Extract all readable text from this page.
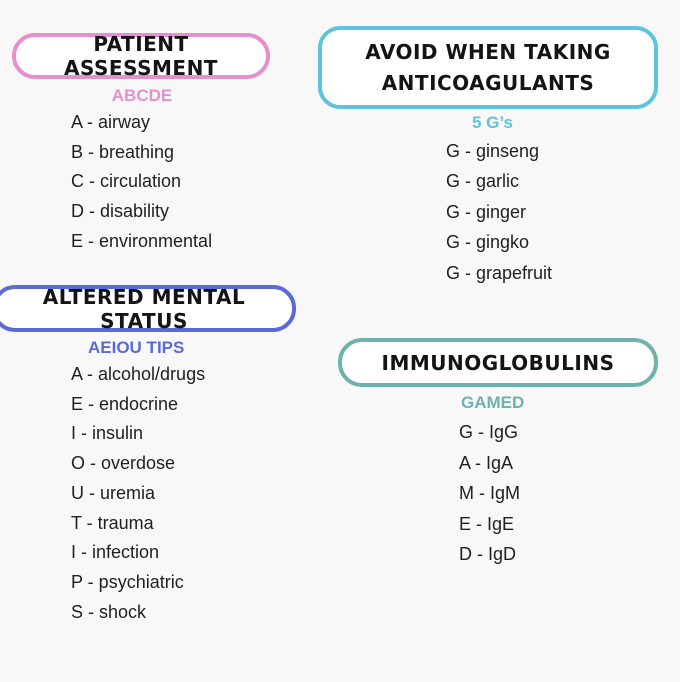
PATIENT ASSESSMENT
ABCDE
A - airway
B - breathing
C - circulation
D - disability
E - environmental
AVOID WHEN TAKING
ANTICOAGULANTS
5 G’s
G - ginseng
G - garlic
G - ginger
G - gingko
G - grapefruit
ALTERED MENTAL STATUS
AEIOU TIPS
A - alcohol/drugs
E - endocrine
I - insulin
O - overdose
U - uremia
T - trauma
I - infection
P - psychiatric
S - shock
IMMUNOGLOBULINS
GAMED
G - IgG
A - IgA
M - IgM
E - IgE
D - IgD
